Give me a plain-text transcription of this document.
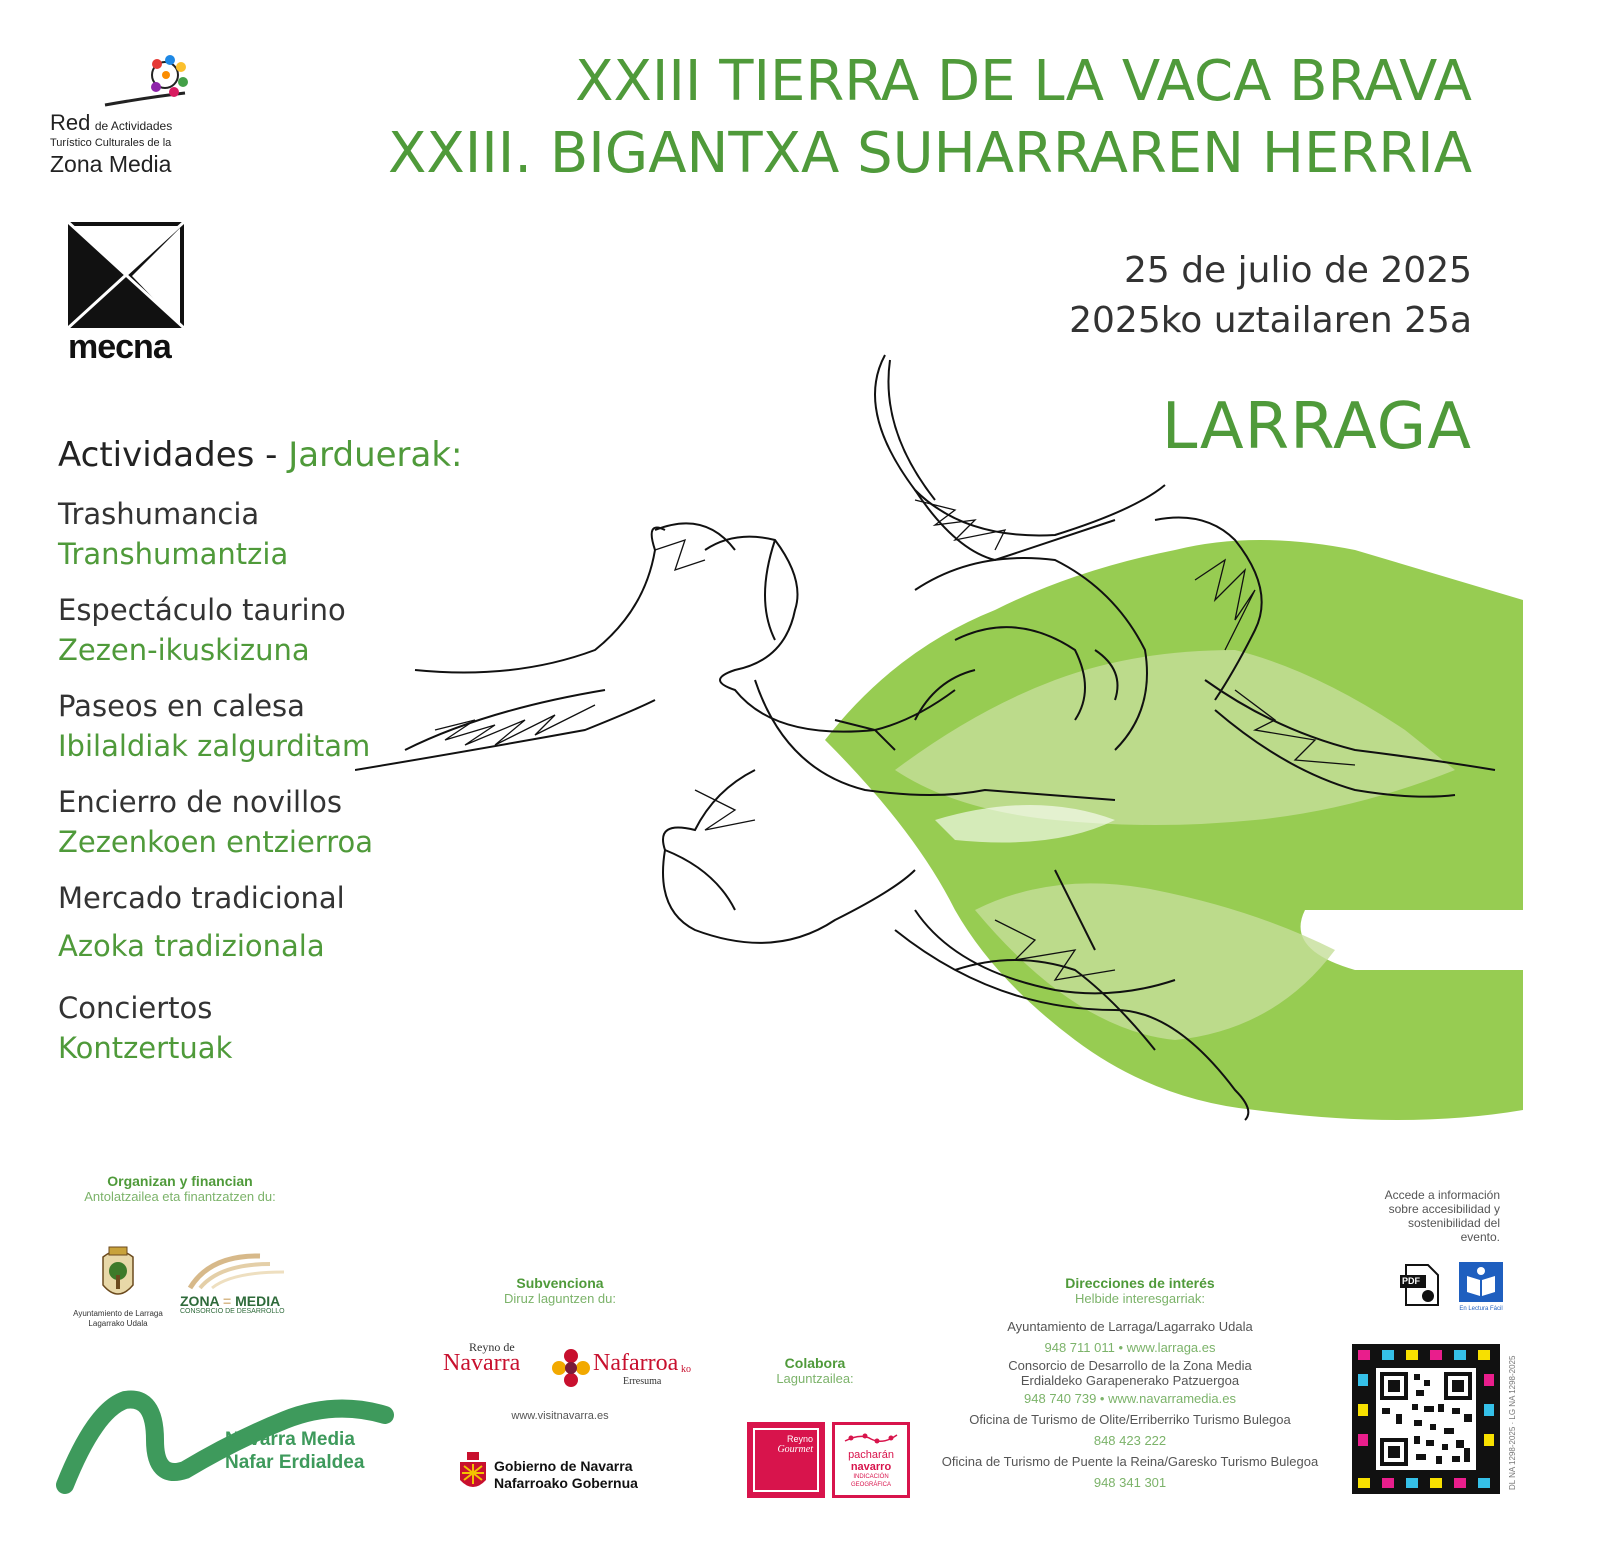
Red de Actividades
Turístico Culturales de la
Zona Media
mecna
XXIII TIERRA DE LA VACA BRAVA
XXIII. BIGANTXA SUHARRAREN HERRIA
25 de julio de 2025
2025ko uztailaren 25a
LARRAGA
Actividades - Jarduerak:
Trashumancia
Transhumantzia
Espectáculo taurino
Zezen-ikuskizuna
Paseos en calesa
Ibilaldiak zalgurditam
Encierro de novillos
Zezenkoen entzierroa
Mercado tradicional
Azoka tradizionala
Conciertos
Kontzertuak
Organizan y financian
Antolatzailea eta finantzatzen du:
Ayuntamiento de Larraga
Lagarrako Udala
ZONA = MEDIA
CONSORCIO DE DESARROLLO
Navarra Media
Nafar Erdialdea
Subvenciona
Diruz laguntzen du:
Reyno de
Navarra	Nafarroa ko
Erresuma
www.visitnavarra.es
Gobierno de Navarra
Nafarroako Gobernua
Colabora
Laguntzailea:
Reyno
Gourmet	pacharán
navarro
INDICACIÓN
GEOGRÁFICA
Direcciones de interés
Helbide interesgarriak:
Ayuntamiento de Larraga/Lagarrako Udala
948 711 011 • www.larraga.es
Consorcio de Desarrollo de la Zona Media
Erdialdeko Garapenerako Patzuergoa
948 740 739 • www.navarramedia.es
Oficina de Turismo de Olite/Erriberriko Turismo Bulegoa
848 423 222
Oficina de Turismo de Puente la Reina/Garesko Turismo Bulegoa
948 341 301
Accede a información sobre accesibilidad y sostenibilidad del evento.
PDF
En Lectura Fácil
DL NA 1298-2025 · LG NA 1298-2025
